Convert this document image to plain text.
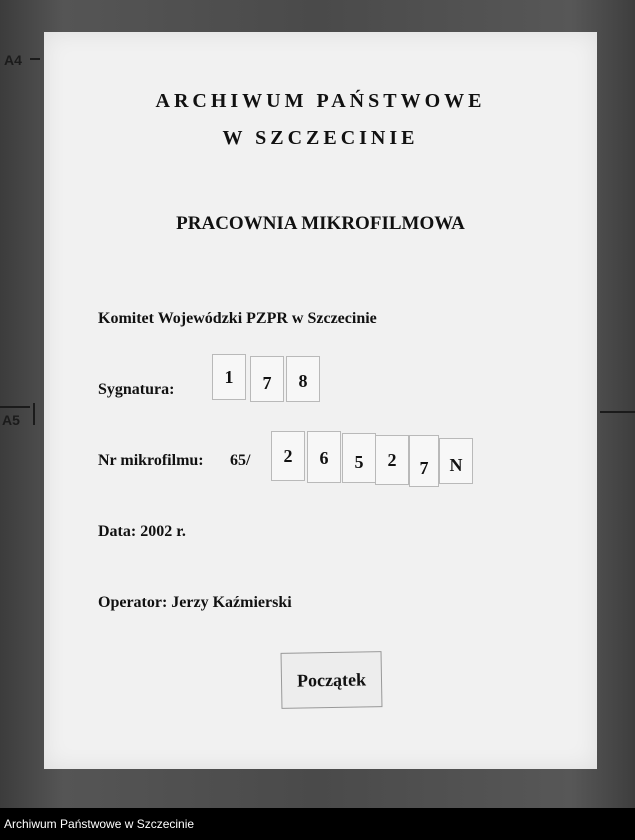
A4
A5
ARCHIWUM PAŃSTWOWE
W SZCZECINIE
PRACOWNIA MIKROFILMOWA
Komitet Wojewódzki PZPR w Szczecinie
Sygnatura:
1	7	8
Nr mikrofilmu: 65/	2	6	5	2	7	N
Data: 2002 r.
Operator: Jerzy Kaźmierski
Początek
Archiwum Państwowe w Szczecinie
